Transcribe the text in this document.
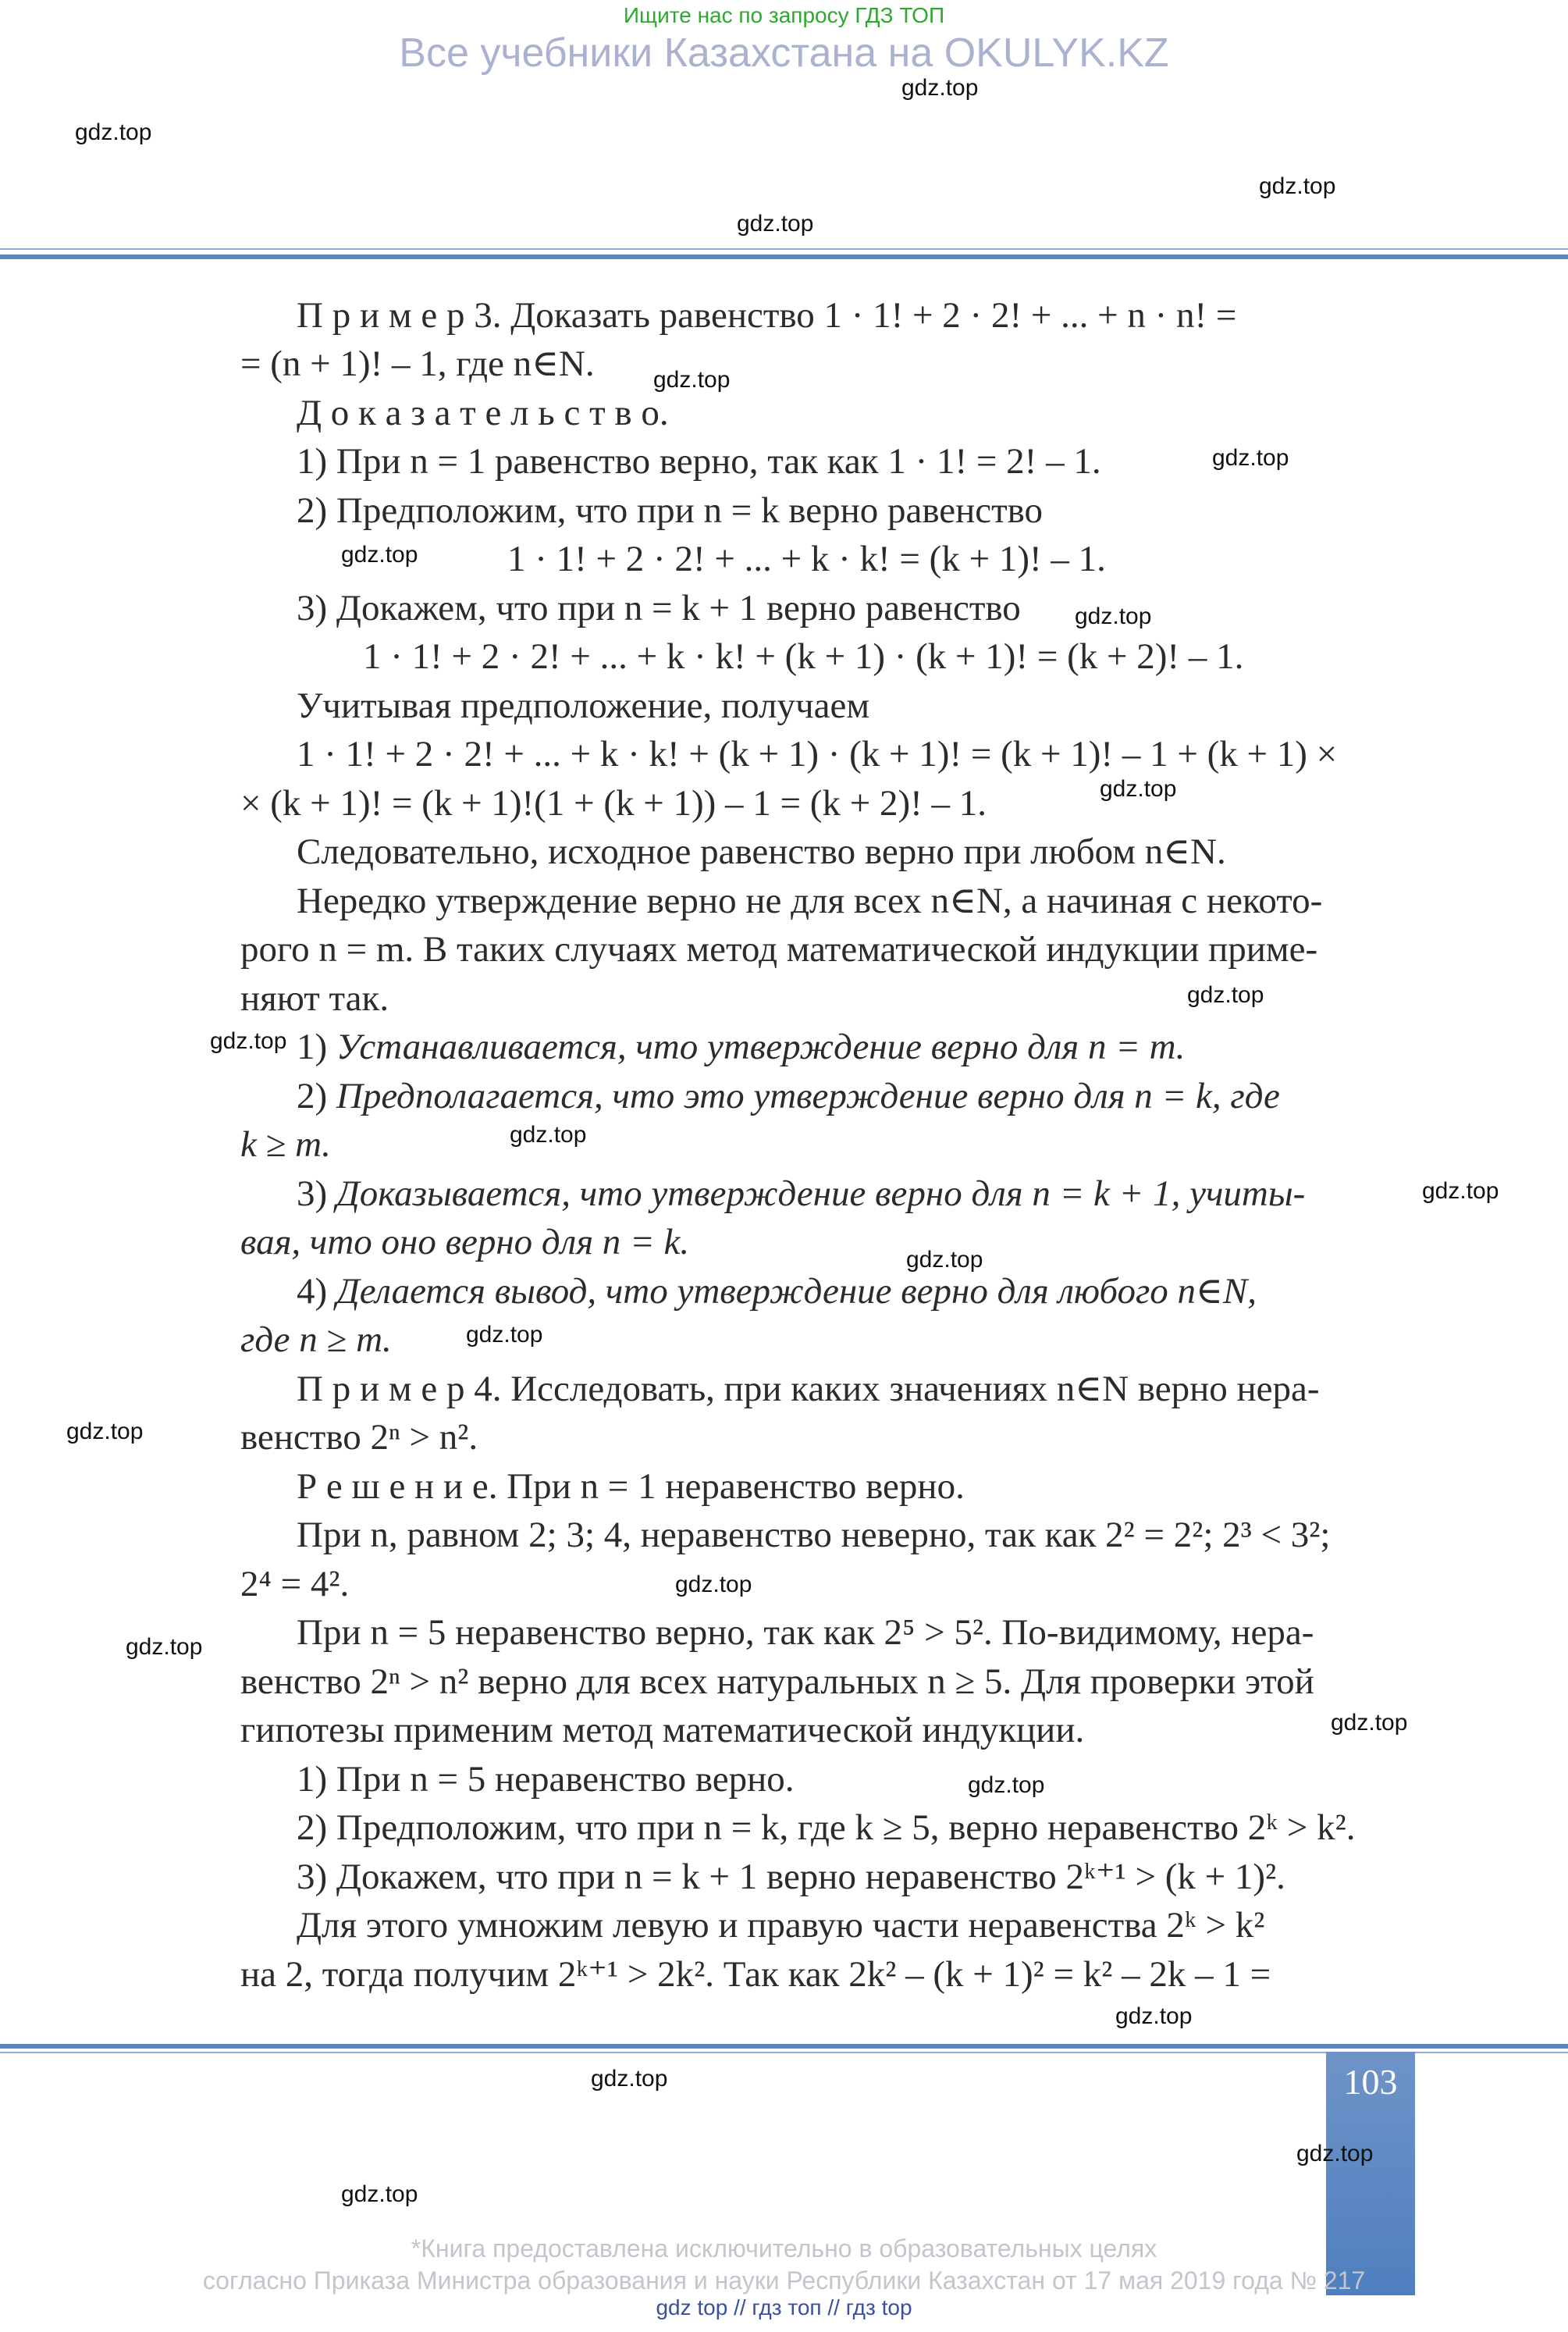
Ищите нас по запросу ГДЗ ТОП
Все учебники Казахстана на OKULYK.KZ
П р и м е р 3. Доказать равенство 1 · 1! + 2 · 2! + ... + n · n! =
= (n + 1)! – 1, где n∈N.
Д о к а з а т е л ь с т в о.
1) При n = 1 равенство верно, так как 1 · 1! = 2! – 1.
2) Предположим, что при n = k верно равенство
1 · 1! + 2 · 2! + ... + k · k! = (k + 1)! – 1.
3) Докажем, что при n = k + 1 верно равенство
1 · 1! + 2 · 2! + ... + k · k! + (k + 1) · (k + 1)! = (k + 2)! – 1.
Учитывая предположение, получаем
1 · 1! + 2 · 2! + ... + k · k! + (k + 1) · (k + 1)! = (k + 1)! – 1 + (k + 1) ×
× (k + 1)! = (k + 1)!(1 + (k + 1)) – 1 = (k + 2)! – 1.
Следовательно, исходное равенство верно при любом n∈N.
Нередко утверждение верно не для всех n∈N, а начиная с некото-
рого n = m. В таких случаях метод математической индукции приме-
няют так.
1) Устанавливается, что утверждение верно для n = m.
2) Предполагается, что это утверждение верно для n = k, где
k ≥ m.
3) Доказывается, что утверждение верно для n = k + 1, учиты-
вая, что оно верно для n = k.
4) Делается вывод, что утверждение верно для любого n∈N,
где n ≥ m.
П р и м е р 4. Исследовать, при каких значениях n∈N верно нера-
венство 2ⁿ > n².
Р е ш е н и е. При n = 1 неравенство верно.
При n, равном 2; 3; 4, неравенство неверно, так как 2² = 2²; 2³ < 3²;
2⁴ = 4².
При n = 5 неравенство верно, так как 2⁵ > 5². По-видимому, нера-
венство 2ⁿ > n² верно для всех натуральных n ≥ 5. Для проверки этой
гипотезы применим метод математической индукции.
1) При n = 5 неравенство верно.
2) Предположим, что при n = k, где k ≥ 5, верно неравенство 2ᵏ > k².
3) Докажем, что при n = k + 1 верно неравенство 2ᵏ⁺¹ > (k + 1)².
Для этого умножим левую и правую части неравенства 2ᵏ > k²
на 2, тогда получим 2ᵏ⁺¹ > 2k². Так как 2k² – (k + 1)² = k² – 2k – 1 =
103
gdz.top
gdz.top
gdz.top
gdz.top
gdz.top
gdz.top
gdz.top
gdz.top
gdz.top
gdz.top
gdz.top
gdz.top
gdz.top
gdz.top
gdz.top
gdz.top
gdz.top
gdz.top
gdz.top
gdz.top
gdz.top
gdz.top
gdz.top
gdz.top
*Книга предоставлена исключительно в образовательных целях
согласно Приказа Министра образования и науки Республики Казахстан от 17 мая 2019 года № 217
gdz top // гдз топ // гдз top
